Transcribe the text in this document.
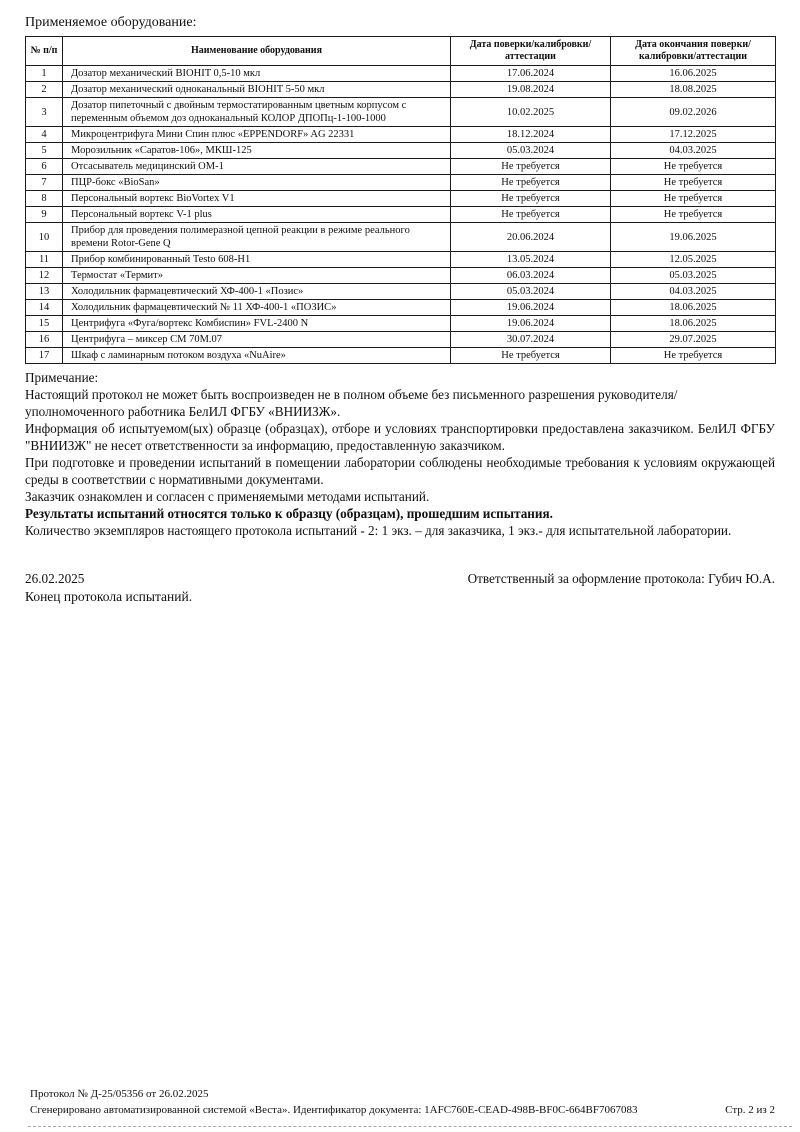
Применяемое оборудование:
№ п/п	Наименование оборудования	Дата поверки/калибровки/аттестации	Дата окончания поверки/калибровки/аттестации
1	Дозатор механический BIOHIT 0,5-10 мкл	17.06.2024	16.06.2025
2	Дозатор механический одноканальный BIOHIT 5-50 мкл	19.08.2024	18.08.2025
3	Дозатор пипеточный с двойным термостатированным цветным корпусом с переменным объемом доз одноканальный КОЛОР ДПОПц-1-100-1000	10.02.2025	09.02.2026
4	Микроцентрифуга Мини Спин плюс «EPPENDORF» AG 22331	18.12.2024	17.12.2025
5	Морозильник «Саратов-106», МКШ-125	05.03.2024	04.03.2025
6	Отсасыватель медицинский ОМ-1	Не требуется	Не требуется
7	ПЦР-бокс «BioSan»	Не требуется	Не требуется
8	Персональный вортекс BioVortex V1	Не требуется	Не требуется
9	Персональный вортекс V-1 plus	Не требуется	Не требуется
10	Прибор для проведения полимеразной цепной реакции в режиме реального времени Rotor-Gene Q	20.06.2024	19.06.2025
11	Прибор комбинированный Testo 608-H1	13.05.2024	12.05.2025
12	Термостат «Термит»	06.03.2024	05.03.2025
13	Холодильник фармацевтический ХФ-400-1 «Позис»	05.03.2024	04.03.2025
14	Холодильник фармацевтический № 11 ХФ-400-1 «ПОЗИС»	19.06.2024	18.06.2025
15	Центрифуга «Фуга/вортекс Комбиспин» FVL-2400 N	19.06.2024	18.06.2025
16	Центрифуга – миксер СМ 70М.07	30.07.2024	29.07.2025
17	Шкаф с ламинарным потоком воздуха «NuAire»	Не требуется	Не требуется
Примечание:

Настоящий протокол не может быть воспроизведен не в полном объеме без письменного разрешения руководителя/уполномоченного работника БелИЛ ФГБУ «ВНИИЗЖ».

Информация об испытуемом(ых) образце (образцах), отборе и условиях транспортировки предоставлена заказчиком. БелИЛ ФГБУ "ВНИИЗЖ" не несет ответственности за информацию, предоставленную заказчиком.

При подготовке и проведении испытаний в помещении лаборатории соблюдены необходимые требования к условиям окружающей среды в соответствии с нормативными документами.

Заказчик ознакомлен и согласен с применяемыми методами испытаний.

Результаты испытаний относятся только к образцу (образцам), прошедшим испытания.

Количество экземпляров настоящего протокола испытаний - 2: 1 экз. – для заказчика, 1 экз.- для испытательной лаборатории.

26.02.2025	Ответственный за оформление протокола: Губич Ю.А.
Конец протокола испытаний.
Протокол № Д-25/05356 от 26.02.2025
Сгенерировано автоматизированной системой «Веста». Идентификатор документа: 1AFC760E-CEAD-498B-BF0C-664BF7067083	Стр. 2 из 2
